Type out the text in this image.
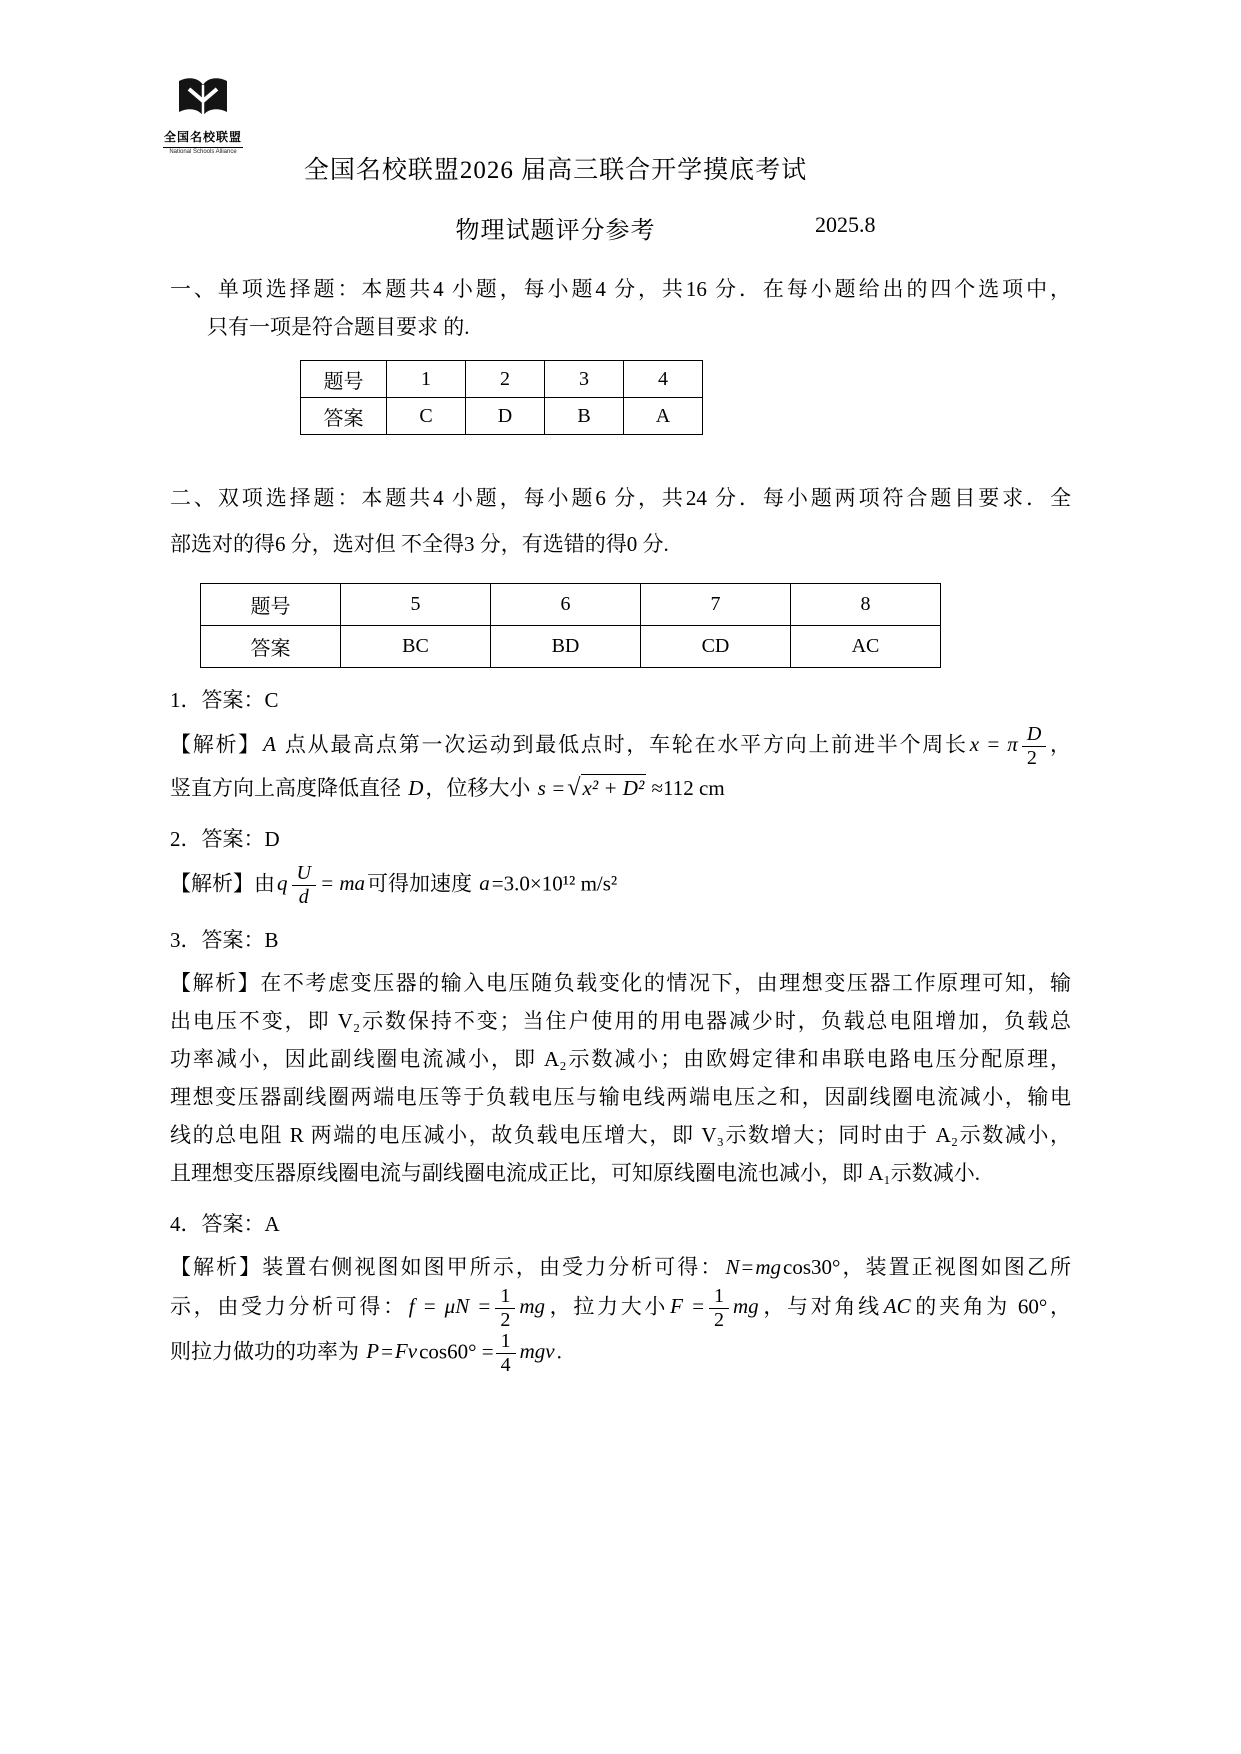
全国名校联盟
National Schools Alliance
全国名校联盟2026 届高三联合开学摸底考试
物理试题评分参考	2025.8

一、单项选择题：本题共4 小题，每小题4 分，共16 分．在每小题给出的四个选项中，

只有一项是符合题目要求 的.

题号	1	2	3	4
答案	C	D	B	A

二、双项选择题：本题共4 小题，每小题6 分，共24 分．每小题两项符合题目要求．全

部选对的得6 分，选对但 不全得3 分，有选错的得0 分.

题号	5	6	7	8
答案	BC	BD	CD	AC

1．答案：C

【解析】A 点从最高点第一次运动到最低点时，车轮在水平方向上前进半个周长x = π $\frac{D}{2}$ ，

竖直方向上高度降低直径 D，位移大小 s =√x² + D² ≈112 cm

2．答案：D

【解析】由q $\frac{U}{d}$ = ma可得加速度 a=3.0×10¹² m/s²

3．答案：B

【解析】在不考虑变压器的输入电压随负载变化的情况下，由理想变压器工作原理可知，输

出电压不变，即 V₂示数保持不变；当住户使用的用电器减少时，负载总电阻增加，负载总

功率减小，因此副线圈电流减小，即 A₂示数减小；由欧姆定律和串联电路电压分配原理，

理想变压器副线圈两端电压等于负载电压与输电线两端电压之和，因副线圈电流减小，输电

线的总电阻 R 两端的电压减小，故负载电压增大，即 V₃示数增大；同时由于 A₂示数减小，

且理想变压器原线圈电流与副线圈电流成正比，可知原线圈电流也减小，即 A₁示数减小.

4．答案：A

【解析】装置右侧视图如图甲所示，由受力分析可得：N=mgcos30°，装置正视图如图乙所

示，由受力分析可得：$f = \mu N = \frac{1}{2}$ mg，拉力大小$F = \frac{1}{2}$ mg，与对角线AC的夹角为 60°，

则拉力做功的功率为 $P=Fvcos60^\circ = \frac{1}{4}$ mgv.
